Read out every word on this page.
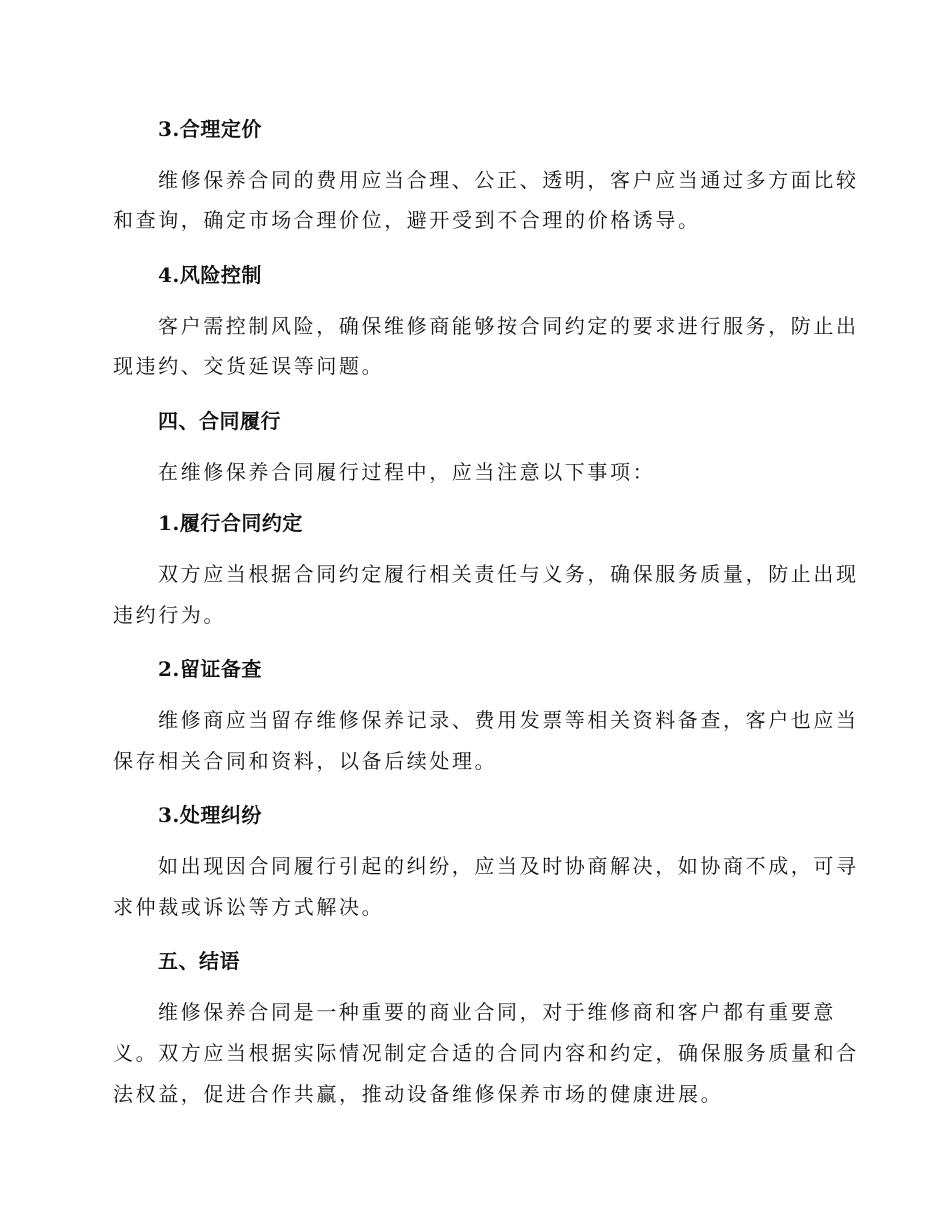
3.合理定价
维修保养合同的费用应当合理、公正、透明，客户应当通过多方面比较
和查询，确定市场合理价位，避开受到不合理的价格诱导。
4.风险控制
客户需控制风险，确保维修商能够按合同约定的要求进行服务，防止出
现违约、交货延误等问题。
四、合同履行
在维修保养合同履行过程中，应当注意以下事项：
1.履行合同约定
双方应当根据合同约定履行相关责任与义务，确保服务质量，防止出现
违约行为。
2.留证备查
维修商应当留存维修保养记录、费用发票等相关资料备查，客户也应当
保存相关合同和资料，以备后续处理。
3.处理纠纷
如出现因合同履行引起的纠纷，应当及时协商解决，如协商不成，可寻
求仲裁或诉讼等方式解决。
五、结语
维修保养合同是一种重要的商业合同，对于维修商和客户都有重要意
义。双方应当根据实际情况制定合适的合同内容和约定，确保服务质量和合
法权益，促进合作共赢，推动设备维修保养市场的健康进展。
